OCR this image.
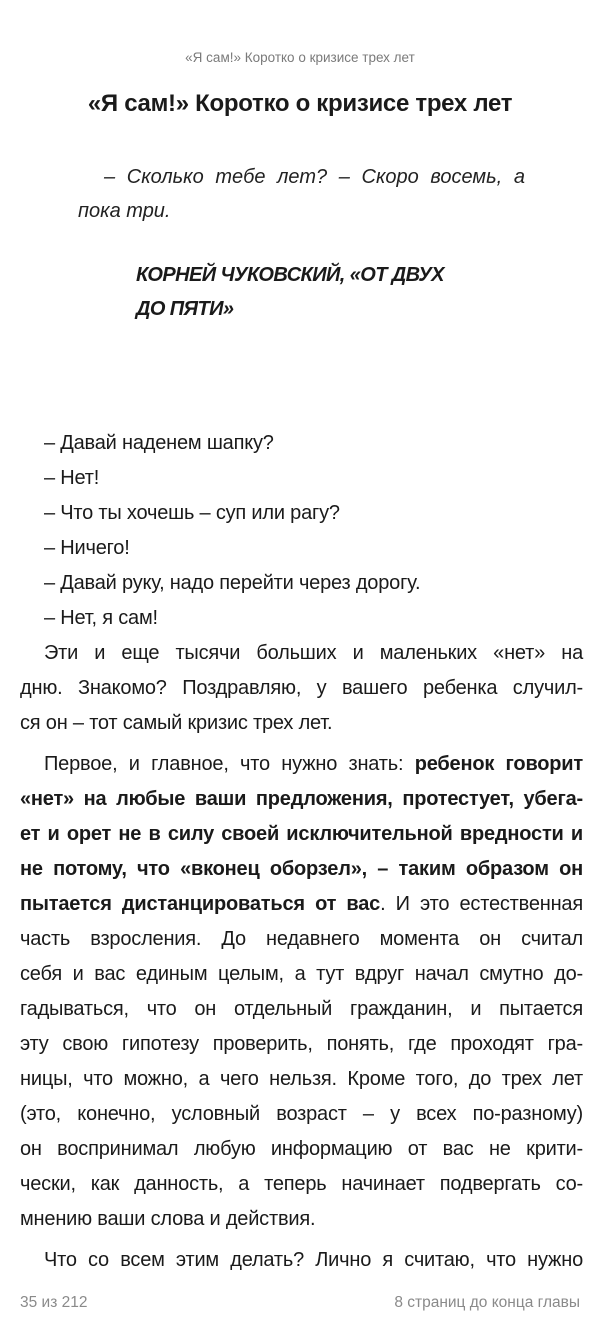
«Я сам!» Коротко о кризисе трех лет
«Я сам!» Коротко о кризисе трех лет
– Сколько тебе лет? – Скоро восемь, а
пока три.
КОРНЕЙ ЧУКОВСКИЙ, «ОТ ДВУХ
ДО ПЯТИ»
– Давай наденем шапку?
– Нет!
– Что ты хочешь – суп или рагу?
– Ничего!
– Давай руку, надо перейти через дорогу.
– Нет, я сам!
Эти и еще тысячи больших и маленьких «нет» на
дню. Знакомо? Поздравляю, у вашего ребенка случил-
ся он – тот самый кризис трех лет.
Первое, и главное, что нужно знать: ребенок говорит
«нет» на любые ваши предложения, протестует, убега-
ет и орет не в силу своей исключительной вредности и
не потому, что «вконец оборзел», – таким образом он
пытается дистанцироваться от вас. И это естественная
часть взросления. До недавнего момента он считал
себя и вас единым целым, а тут вдруг начал смутно до-
гадываться, что он отдельный гражданин, и пытается
эту свою гипотезу проверить, понять, где проходят гра-
ницы, что можно, а чего нельзя. Кроме того, до трех лет
(это, конечно, условный возраст – у всех по-разному)
он воспринимал любую информацию от вас не крити-
чески, как данность, а теперь начинает подвергать со-
мнению ваши слова и действия.
Что со всем этим делать? Лично я считаю, что нужно
35 из 212	8 страниц до конца главы
